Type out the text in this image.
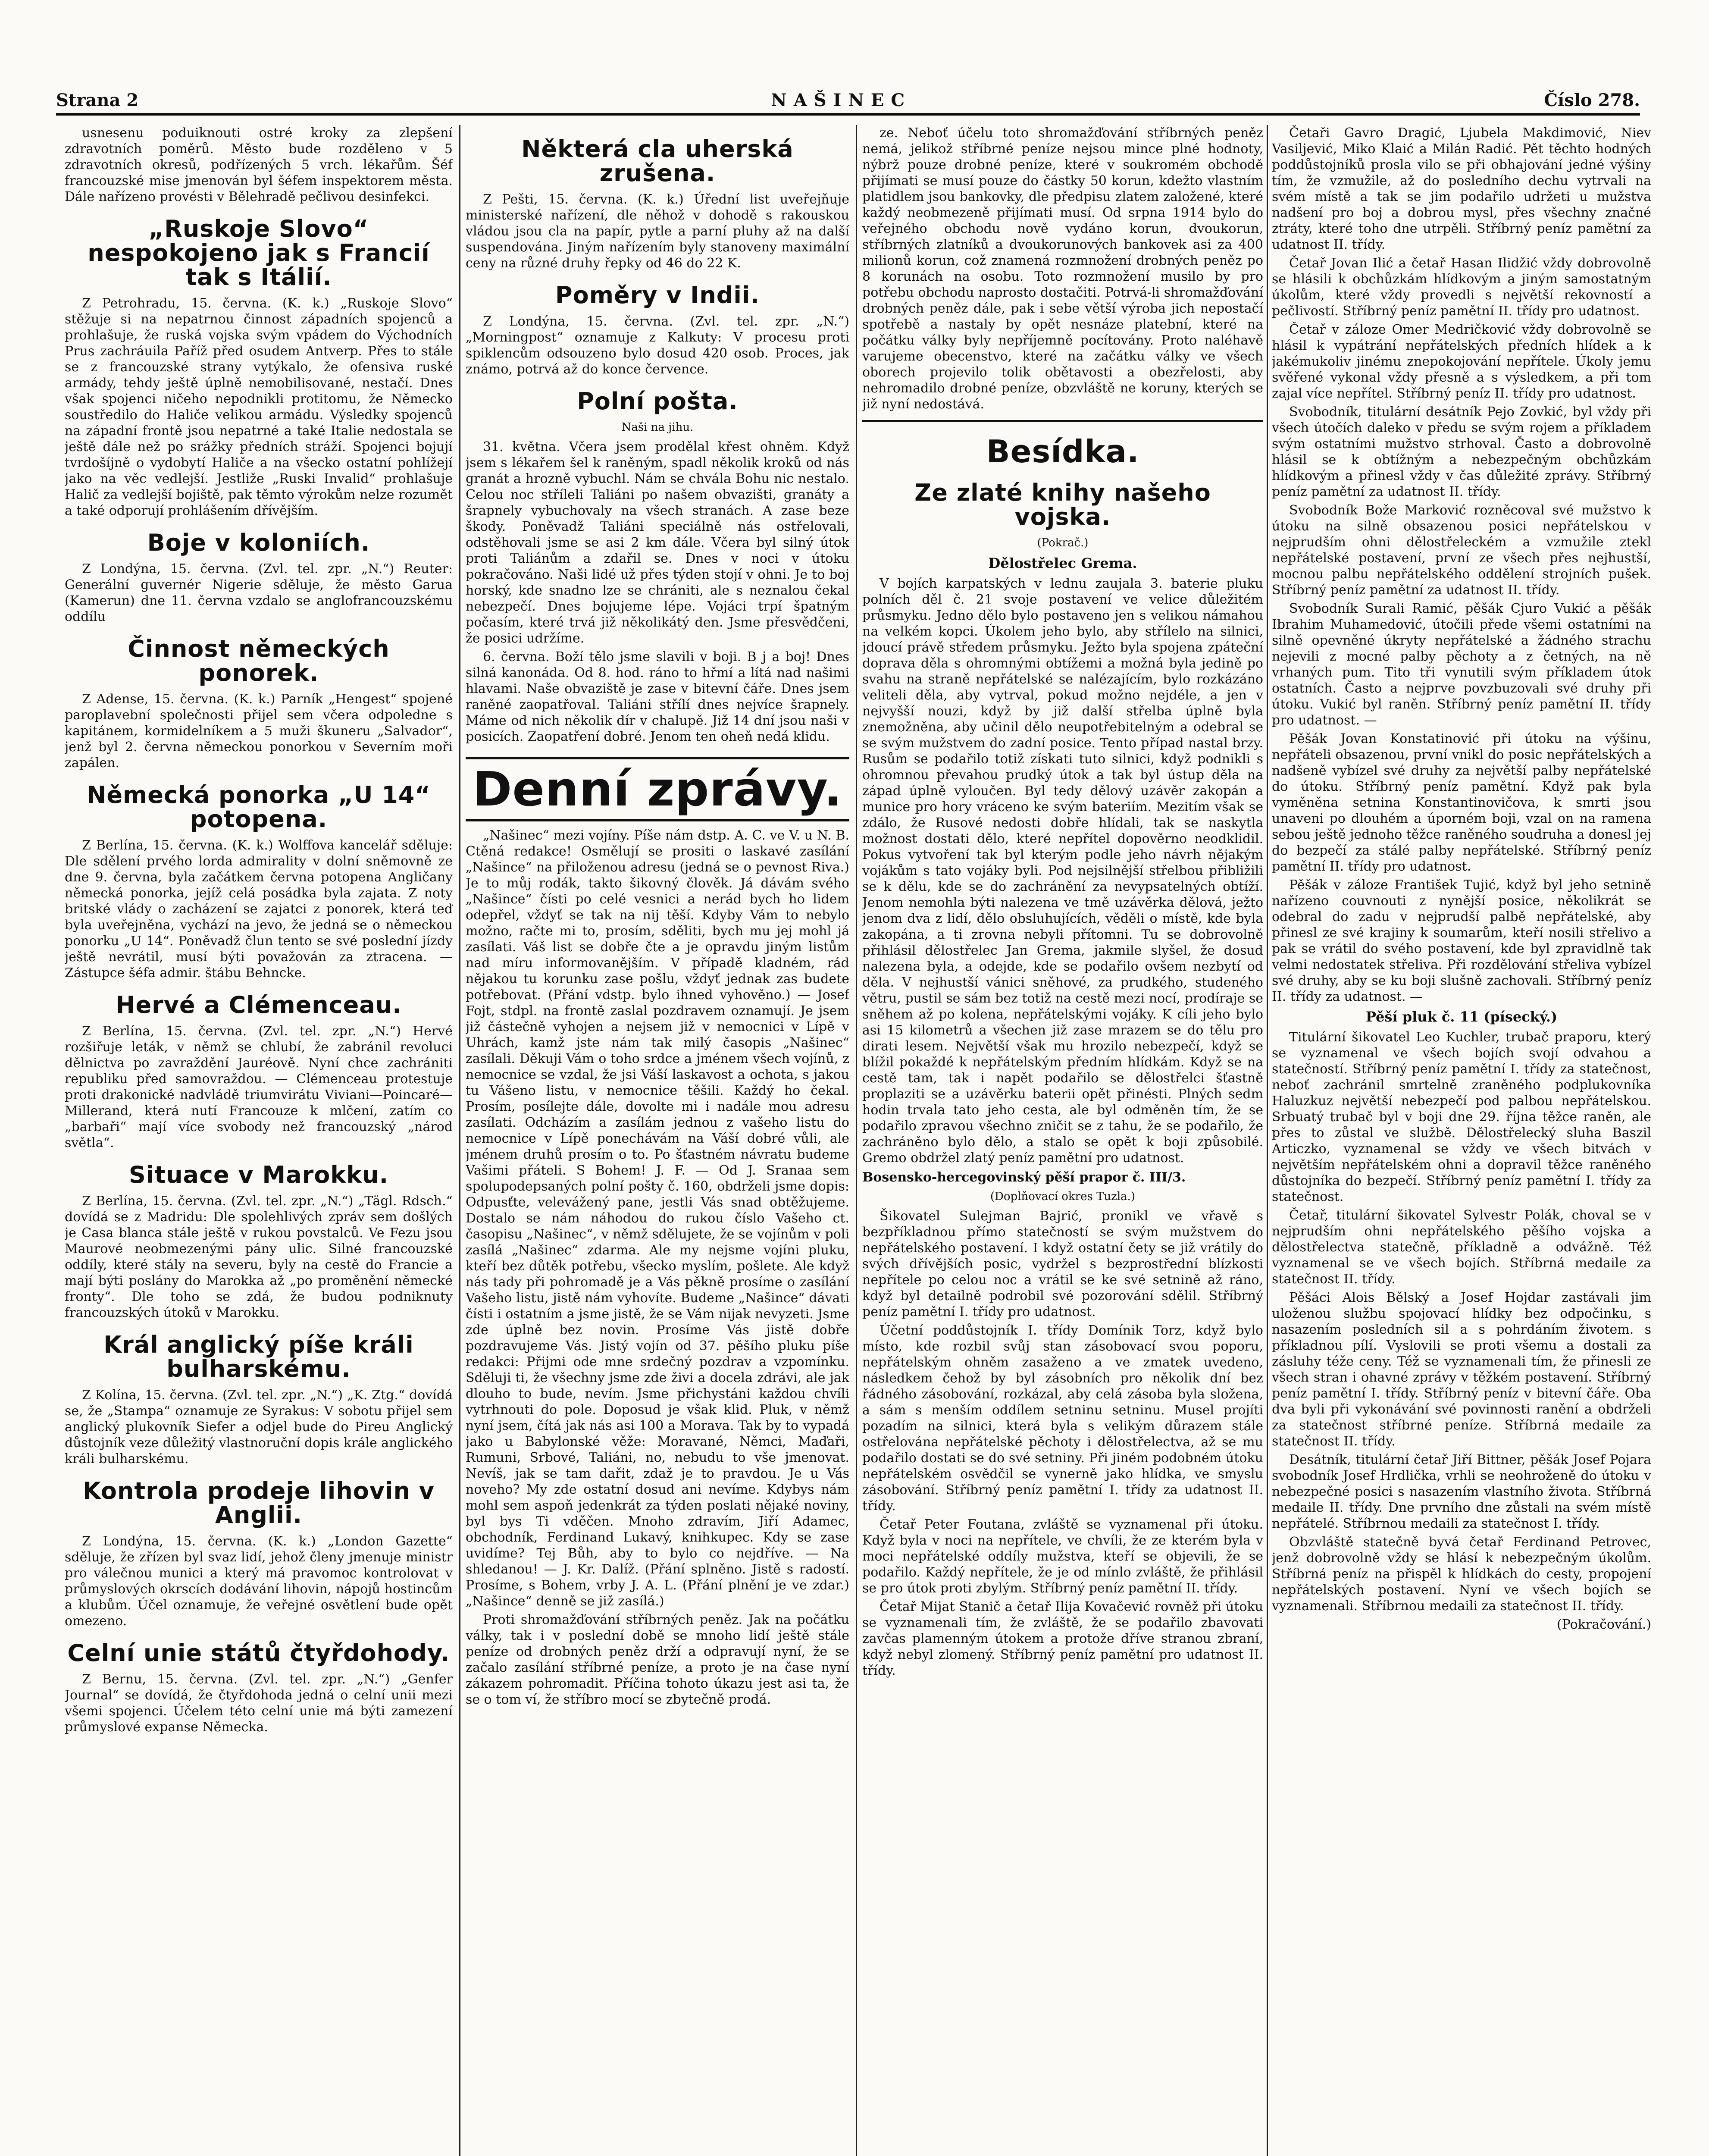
Strana 2	NAŠINEC	Číslo 278.

usnesenu poduiknouti ostré kroky za zlepšení zdravotních poměrů. Město bude rozděleno v 5 zdravotních okresů, podřízených 5 vrch. lékařům. Šéf francouzské mise jmenován byl šéfem inspektorem města. Dále nařízeno provésti v Bělehradě pečlivou desinfekci.

„Ruskoje Slovo“ nespokojeno jak s Francií tak s Itálií.

Z Petrohradu, 15. června. (K. k.) „Ruskoje Slovo“ stěžuje si na nepatrnou činnost západních spojenců a prohlašuje, že ruská vojska svým vpádem do Východních Prus zachráuila Paříž před osudem Antverp. Přes to stále se z francouzské strany vytýkalo, že ofensiva ruské armády, tehdy ještě úplně nemobilisované, nestačí. Dnes však spojenci ničeho nepodnikli protitomu, že Německo soustředilo do Haliče velikou armádu. Výsledky spojenců na západní frontě jsou nepatrné a také Italie nedostala se ještě dále než po srážky předních stráží. Spojenci bojují tvrdošíjně o vydobytí Haliče a na všecko ostatní pohlížejí jako na věc vedlejší. Jestliže „Ruski Invalid“ prohlašuje Halič za vedlejší bojiště, pak těmto výrokům nelze rozumět a také odporují prohlášením dřívějším.

Boje v koloniích.

Z Londýna, 15. června. (Zvl. tel. zpr. „N.“) Reuter: Generální guvernér Nigerie sděluje, že město Garua (Kamerun) dne 11. června vzdalo se anglofrancouzskému oddílu

Činnost německých ponorek.

Z Adense, 15. června. (K. k.) Parník „Hengest“ spojené paroplavební společnosti přijel sem včera odpoledne s kapitánem, kormidelníkem a 5 muži škuneru „Salvador“, jenž byl 2. června německou ponorkou v Severním moři zapálen.

Německá ponorka „U 14“ potopena.

Z Berlína, 15. června. (K. k.) Wolffova kancelář sděluje: Dle sdělení prvého lorda admirality v dolní sněmovně ze dne 9. června, byla začátkem června potopena Angličany německá ponorka, jejíž celá posádka byla zajata. Z noty britské vlády o zacházení se zajatci z ponorek, která teď byla uveřejněna, vychází na jevo, že jedná se o německou ponorku „U 14“. Poněvadž člun tento se své poslední jízdy ještě nevrátil, musí býti považován za ztracena. — Zástupce šéfa admir. štábu Behncke.

Hervé a Clémenceau.

Z Berlína, 15. června. (Zvl. tel. zpr. „N.“) Hervé rozšiřuje leták, v němž se chlubí, že zabránil revoluci dělnictva po zavraždění Jauréově. Nyní chce zachrániti republiku před samovraždou. — Clémenceau protestuje proti drakonické nadvládě triumvirátu Viviani—Poincaré—Millerand, která nutí Francouze k mlčení, zatím co „barbaři“ mají více svobody než francouzský „národ světla“.

Situace v Marokku.

Z Berlína, 15. června. (Zvl. tel. zpr. „N.“) „Tägl. Rdsch.“ dovídá se z Madridu: Dle spolehlivých zpráv sem došlých je Casa blanca stále ještě v rukou povstalců. Ve Fezu jsou Maurové neobmezenými pány ulic. Silné francouzské oddíly, které stály na severu, byly na cestě do Francie a mají býti poslány do Marokka až „po proměnění německé fronty“. Dle toho se zdá, že budou podniknuty francouzských útoků v Marokku.

Král anglický píše králi bulharskému.

Z Kolína, 15. června. (Zvl. tel. zpr. „N.“) „K. Ztg.“ dovídá se, že „Stampa“ oznamuje ze Syrakus: V sobotu přijel sem anglický plukovník Siefer a odjel bude do Pireu Anglický důstojník veze důležitý vlastnoruční dopis krále anglického králi bulharskému.

Kontrola prodeje lihovin v Anglii.

Z Londýna, 15. června. (K. k.) „London Gazette“ sděluje, že zřízen byl svaz lidí, jehož členy jmenuje ministr pro válečnou munici a který má pravomoc kontrolovat v průmyslových okrscích dodávání lihovin, nápojů hostincům a klubům. Účel oznamuje, že veřejné osvětlení bude opět omezeno.

Celní unie států čtyřdohody.

Z Bernu, 15. června. (Zvl. tel. zpr. „N.“) „Genfer Journal“ se dovídá, že čtyřdohoda jedná o celní unii mezi všemi spojenci. Účelem této celní unie má býti zamezení průmyslové expanse Německa.

Některá cla uherská zrušena.

Z Pešti, 15. června. (K. k.) Úřední list uveřejňuje ministerské nařízení, dle něhož v dohodě s rakouskou vládou jsou cla na papír, pytle a parní pluhy až na další suspendována. Jiným nařízením byly stanoveny maximální ceny na různé druhy řepky od 46 do 22 K.

Poměry v Indii.

Z Londýna, 15. června. (Zvl. tel. zpr. „N.“) „Morningpost“ oznamuje z Kalkuty: V procesu proti spiklencům odsouzeno bylo dosud 420 osob. Proces, jak známo, potrvá až do konce července.

Polní pošta.
Naši na jihu.

31. května. Včera jsem prodělal křest ohněm. Když jsem s lékařem šel k raněným, spadl několik kroků od nás granát a hrozně vybuchl. Nám se chvála Bohu nic nestalo. Celou noc stříleli Taliáni po našem obvazišti, granáty a šrapnely vybuchovaly na všech stranách. A zase beze škody. Poněvadž Taliáni speciálně nás ostřelovali, odstěhovali jsme se asi 2 km dále. Včera byl silný útok proti Taliánům a zdařil se. Dnes v noci v útoku pokračováno. Naši lidé už přes týden stojí v ohni. Je to boj horský, kde snadno lze se chrániti, ale s neznalou čekal nebezpečí. Dnes bojujeme lépe. Vojáci trpí špatným počasím, které trvá již několikátý den. Jsme přesvědčeni, že posici udržíme.

6. června. Boží tělo jsme slavili v boji. B j a boj! Dnes silná kanonáda. Od 8. hod. ráno to hřmí a lítá nad našimi hlavami. Naše obvaziště je zase v bitevní čáře. Dnes jsem raněné zaopatřoval. Taliáni střílí dnes nejvíce šrapnely. Máme od nich několik dír v chalupě. Již 14 dní jsou naši v posicích. Zaopatření dobré. Jenom ten oheň nedá klidu.

Denní zprávy.

„Našinec“ mezi vojíny. Píše nám dstp. A. C. ve V. u N. B. Ctěná redakce! Osmělují se prositi o laskavé zasílání „Našince“ na přiloženou adresu (jedná se o pevnost Riva.) Je to můj rodák, takto šikovný člověk. Já dávám svého „Našince“ čísti po celé vesnici a nerád bych ho lidem odepřel, vždyť se tak na nij těší. Kdyby Vám to nebylo možno, račte mi to, prosím, sděliti, bych mu jej mohl já zasílati. Váš list se dobře čte a je opravdu jiným listům nad míru informovanějším. V případě kladném, rád nějakou tu korunku zase pošlu, vždyť jednak zas budete potřebovat. (Přání vdstp. bylo ihned vyhověno.) — Josef Fojt, stdpl. na frontě zaslal pozdravem oznamují. Je jsem již částečně vyhojen a nejsem již v nemocnici v Lípě v Uhrách, kamž jste nám tak milý časopis „Našinec“ zasílali. Děkuji Vám o toho srdce a jménem všech vojínů, z nemocnice se vzdal, že jsi Váší laskavost a ochota, s jakou tu Vášeno listu, v nemocnice těšili. Každý ho čekal. Prosím, posílejte dále, dovolte mi i nadále mou adresu zasílati. Odcházím a zasílám jednou z vašeho listu do nemocnice v Lípě ponechávám na Váší dobré vůli, ale jménem druhů prosím o to. Po šťastném návratu budeme Vašimi přáteli. S Bohem! J. F. — Od J. Sranaa sem spolupodepsaných polní pošty č. 160, obdrželi jsme dopis: Odpusťte, velevážený pane, jestli Vás snad obtěžujeme. Dostalo se nám náhodou do rukou číslo Vašeho ct. časopisu „Našinec“, v němž sdělujete, že se vojínům v poli zasílá „Našinec“ zdarma. Ale my nejsme vojíni pluku, kteří bez důtěk potřebu, všecko myslím, pošlete. Ale když nás tady při pohromadě je a Vás pěkně prosíme o zasílání Vašeho listu, jistě nám vyhovíte. Budeme „Našince“ dávati čísti i ostatním a jsme jistě, že se Vám nijak nevyzeti. Jsme zde úplně bez novin. Prosíme Vás jistě dobře pozdravujeme Vás. Jistý vojín od 37. pěšího pluku píše redakci: Přijmi ode mne srdečný pozdrav a vzpomínku. Sděluji ti, že všechny jsme zde živi a docela zdrávi, ale jak dlouho to bude, nevím. Jsme přichystáni každou chvíli vytrhnouti do pole. Doposud je však klid. Pluk, v němž nyní jsem, čítá jak nás asi 100 a Morava. Tak by to vypadá jako u Babylonské věže: Moravané, Němci, Maďaři, Rumuni, Srbové, Taliáni, no, nebudu to vše jmenovat. Nevíš, jak se tam dařit, zdaž je to pravdou. Je u Vás noveho? My zde ostatní dosud ani nevíme. Kdybys nám mohl sem aspoň jedenkrát za týden poslati nějaké noviny, byl bys Ti vděčen. Mnoho zdravím, Jiří Adamec, obchodník, Ferdinand Lukavý, knihkupec. Kdy se zase uvidíme? Tej Bůh, aby to bylo co nejdříve. — Na shledanou! — J. Kr. Dalíž. (Přání splněno. Jistě s radostí. Prosíme, s Bohem, vrby J. A. L. (Přání plnění je ve zdar.) „Našince“ denně se již zasílá.)

Proti shromažďování stříbrných peněz. Jak na počátku války, tak i v poslední době se mnoho lidí ještě stále peníze od drobných peněz drží a odpravují nyní, že se začalo zasílání stříbrné peníze, a proto je na čase nyní zákazem pohromadit. Příčina tohoto úkazu jest asi ta, že se o tom ví, že stříbro mocí se zbytečně prodá.

ze. Neboť účelu toto shromažďování stříbrných peněz nemá, jelikož stříbrné peníze nejsou mince plné hodnoty, nýbrž pouze drobné peníze, které v soukromém obchodě přijímati se musí pouze do částky 50 korun, kdežto vlastním platidlem jsou bankovky, dle předpisu zlatem založené, které každý neobmezeně přijímati musí. Od srpna 1914 bylo do veřejného obchodu nově vydáno korun, dvoukorun, stříbrných zlatníků a dvoukorunových bankovek asi za 400 milionů korun, což znamená rozmnožení drobných peněz po 8 korunách na osobu. Toto rozmnožení musilo by pro potřebu obchodu naprosto dostačiti. Potrvá-li shromažďování drobných peněz dále, pak i sebe větší výroba jich nepostačí spotřebě a nastaly by opět nesnáze platební, které na počátku války byly nepříjemně pocítovány. Proto naléhavě varujeme obecenstvo, které na začátku války ve všech oborech projevilo tolik obětavosti a obezřelosti, aby nehromadilo drobné peníze, obzvláště ne koruny, kterých se již nyní nedostává.

Besídka.
Ze zlaté knihy našeho vojska.
(Pokrač.)
Dělostřelec Grema.

V bojích karpatských v lednu zaujala 3. baterie pluku polních děl č. 21 svoje postavení ve velice důležitém průsmyku. Jedno dělo bylo postaveno jen s velikou námahou na velkém kopci. Úkolem jeho bylo, aby střílelo na silnici, jdoucí právě středem průsmyku. Ježto byla spojena zpáteční doprava děla s ohromnými obtížemi a možná byla jedině po svahu na straně nepřátelské se nalézajícím, bylo rozkázáno veliteli děla, aby vytrval, pokud možno nejdéle, a jen v nejvyšší nouzi, když by již další střelba úplně byla znemožněna, aby učinil dělo neupotřebitelným a odebral se se svým mužstvem do zadní posice. Tento případ nastal brzy. Rusům se podařilo totiž získati tuto silnici, když podnikli s ohromnou převahou prudký útok a tak byl ústup děla na západ úplně vyloučen. Byl tedy dělový uzávěr zakopán a munice pro hory vráceno ke svým bateriím. Mezitím však se zdálo, že Rusové nedosti dobře hlídali, tak se naskytla možnost dostati dělo, které nepřítel dopověrno neodklidil. Pokus vytvoření tak byl kterým podle jeho návrh nějakým vojákům s tato vojáky byli. Pod nejsilnější střelbou přibližili se k dělu, kde se do zachránění za nevypsatelných obtíží. Jenom nemohla býti nalezena ve tmě uzávěrka dělová, ježto jenom dva z lidí, dělo obsluhujících, věděli o místě, kde byla zakopána, a ti zrovna nebyli přítomni. Tu se dobrovolně přihlásil dělostřelec Jan Grema, jakmile slyšel, že dosud nalezena byla, a odejde, kde se podařilo ovšem nezbytí od děla. V nejhustší vánici sněhové, za prudkého, studeného větru, pustil se sám bez totiž na cestě mezi nocí, prodíraje se sněhem až po kolena, nepřátelskými vojáky. K cíli jeho bylo asi 15 kilometrů a všechen již zase mrazem se do tělu pro dirati lesem. Největší však mu hrozilo nebezpečí, když se blížil pokaždé k nepřátelským předním hlídkám. Když se na cestě tam, tak i napět podařilo se dělostřelci šťastně proplaziti se a uzávěrku baterii opět přinésti. Plných sedm hodin trvala tato jeho cesta, ale byl odměněn tím, že se podařilo zpravou všechno zničit se z tahu, že se podařilo, že zachráněno bylo dělo, a stalo se opět k boji způsobilé. Gremo obdržel zlatý peníz pamětní pro udatnost.

Bosensko-hercegovinský pěší prapor č. III/3.
(Doplňovací okres Tuzla.)

Šikovatel Sulejman Bajrić, pronikl ve vřavě s bezpříkladnou přímo statečností se svým mužstvem do nepřátelského postavení. I když ostatní čety se již vrátily do svých dřívějších posic, vydržel s bezprostřední blízkosti nepřítele po celou noc a vrátil se ke své setnině až ráno, když byl detailně podrobil své pozorování sdělil. Stříbrný peníz pamětní I. třídy pro udatnost.

Účetní poddůstojník I. třídy Domínik Torz, když bylo místo, kde rozbil svůj stan zásobovací svou poporu, nepřátelským ohněm zasaženo a ve zmatek uvedeno, následkem čehož by byl zásobních pro několik dní bez řádného zásobování, rozkázal, aby celá zásoba byla složena, a sám s menším oddílem setninu setninu. Musel projíti pozadím na silnici, která byla s velikým důrazem stále ostřelována nepřátelské pěchoty i dělostřelectva, až se mu podařilo dostati se do své setniny. Při jiném podobném útoku nepřátelském osvědčil se vynerně jako hlídka, ve smyslu zásobování. Stříbrný peníz pamětní I. třídy za udatnost II. třídy.

Četař Peter Foutana, zvláště se vyznamenal při útoku. Když byla v noci na nepřítele, ve chvíli, že ze kterém byla v moci nepřátelské oddíly mužstva, kteří se objevili, že se podařilo. Každý nepřítele, že je od mínlo zvláště, že přihlásil se pro útok proti zbylým. Stříbrný peníz pamětní II. třídy.

Četař Mijat Stanič a četař Ilija Kovačević rovněž při útoku se vyznamenali tím, že zvláště, že se podařilo zbavovati zavčas plamenným útokem a protože dříve stranou zbraní, když nebyl zlomený. Stříbrný peníz pamětní pro udatnost II. třídy.

Četaři Gavro Dragić, Ljubela Makdimović, Niev Vasiljević, Miko Klaić a Milán Radić. Pět těchto hodných poddůstojníků prosla vilo se při obhajování jedné výšiny tím, že vzmužile, až do posledního dechu vytrvali na svém místě a tak se jim podařilo udržeti u mužstva nadšení pro boj a dobrou mysl, přes všechny značné ztráty, které toho dne utrpěli. Stříbrný peníz pamětní za udatnost II. třídy.

Četař Jovan Ilić a četař Hasan Ilidžić vždy dobrovolně se hlásili k obchůzkám hlídkovým a jiným samostatným úkolům, které vždy provedli s největší rekovností a pečlivostí. Stříbrný peníz pamětní II. třídy pro udatnost.

Četař v záloze Omer Medričković vždy dobrovolně se hlásil k vypátrání nepřátelských předních hlídek a k jakémukoliv jinému znepokojování nepřítele. Úkoly jemu svěřené vykonal vždy přesně a s výsledkem, a při tom zajal více nepřítel. Stříbrný peníz II. třídy pro udatnost.

Svobodník, titulární desátník Pejo Zovkić, byl vždy při všech útočích daleko v předu se svým rojem a příkladem svým ostatními mužstvo strhoval. Často a dobrovolně hlásil se k obtížným a nebezpečným obchůzkám hlídkovým a přinesl vždy v čas důležité zprávy. Stříbrný peníz pamětní za udatnost II. třídy.

Svobodník Bože Marković rozněcoval své mužstvo k útoku na silně obsazenou posici nepřátelskou v nejprudším ohni dělostřeleckém a vzmužile ztekl nepřátelské postavení, první ze všech přes nejhustší, mocnou palbu nepřátelského oddělení strojních pušek. Stříbrný peníz pamětní za udatnost II. třídy.

Svobodník Surali Ramić, pěšák Cjuro Vukić a pěšák Ibrahim Muhamedović, útočili přede všemi ostatními na silně opevněné úkryty nepřátelské a žádného strachu nejevili z mocné palby pěchoty a z četných, na ně vrhaných pum. Tito tři vynutili svým příkladem útok ostatních. Často a nejprve povzbuzovali své druhy při útoku. Vukić byl raněn. Stříbrný peníz pamětní II. třídy pro udatnost. —

Pěšák Jovan Konstatinović při útoku na výšinu, nepřáteli obsazenou, první vnikl do posic nepřátelských a nadšeně vybízel své druhy za největší palby nepřátelské do útoku. Stříbrný peníz pamětní. Když pak byla vyměněna setnina Konstantinovičova, k smrti jsou unaveni po dlouhém a úporném boji, vzal on na ramena sebou ještě jednoho těžce raněného soudruha a donesl jej do bezpečí za stálé palby nepřátelské. Stříbrný peníz pamětní II. třídy pro udatnost.

Pěšák v záloze František Tujić, když byl jeho setnině nařízeno couvnouti z nynější posice, několikrát se odebral do zadu v nejprudší palbě nepřátelské, aby přinesl ze své krajiny k soumarům, kteří nosili střelivo a pak se vrátil do svého postavení, kde byl zpravidlně tak velmi nedostatek střeliva. Při rozdělování střeliva vybízel své druhy, aby se ku boji slušně zachovali. Stříbrný peníz II. třídy za udatnost. —

Pěší pluk č. 11 (písecký.)

Titulární šikovatel Leo Kuchler, trubač praporu, který se vyznamenal ve všech bojích svojí odvahou a statečností. Stříbrný peníz pamětní I. třídy za statečnost, neboť zachránil smrtelně zraněného podplukovníka Haluzkuz největší nebezpečí pod palbou nepřátelskou. Srbuatý trubač byl v boji dne 29. října těžce raněn, ale přes to zůstal ve službě. Dělostřelecký sluha Baszil Articzko, vyznamenal se vždy ve všech bitvách v největším nepřátelském ohni a dopravil těžce raněného důstojníka do bezpečí. Stříbrný peníz pamětní I. třídy za statečnost.

Četař, titulární šikovatel Sylvestr Polák, choval se v nejprudším ohni nepřátelského pěšího vojska a dělostřelectva statečně, příkladně a odvážně. Též vyznamenal se ve všech bojích. Stříbrná medaile za statečnost II. třídy.

Pěšáci Alois Bělský a Josef Hojdar zastávali jim uloženou službu spojovací hlídky bez odpočinku, s nasazením posledních sil a s pohrdáním životem. s příkladnou pílí. Vyslovili se proti všemu a dostali za zásluhy téže ceny. Též se vyznamenali tím, že přinesli ze všech stran i ohavné zprávy v těžkém postavení. Stříbrný peníz pamětní I. třídy. Stříbrný peníz v bitevní čáře. Oba dva byli při vykonávání své povinnosti ranění a obdrželi za statečnost stříbrné peníze. Stříbrná medaile za statečnost II. třídy.

Desátník, titulární četař Jiří Bittner, pěšák Josef Pojara svobodník Josef Hrdlička, vrhli se neohroženě do útoku v nebezpečné posici s nasazením vlastního života. Stříbrná medaile II. třídy. Dne prvního dne zůstali na svém místě nepřátelé. Stříbrnou medaili za statečnost I. třídy.

Obzvláště statečně byvá četař Ferdinand Petrovec, jenž dobrovolně vždy se hlásí k nebezpečným úkolům. Stříbrná peníz na přispěl k hlídkách do cesty, propojení nepřátelských postavení. Nyní ve všech bojích se vyznamenali. Stříbrnou medaili za statečnost II. třídy.

(Pokračování.)
